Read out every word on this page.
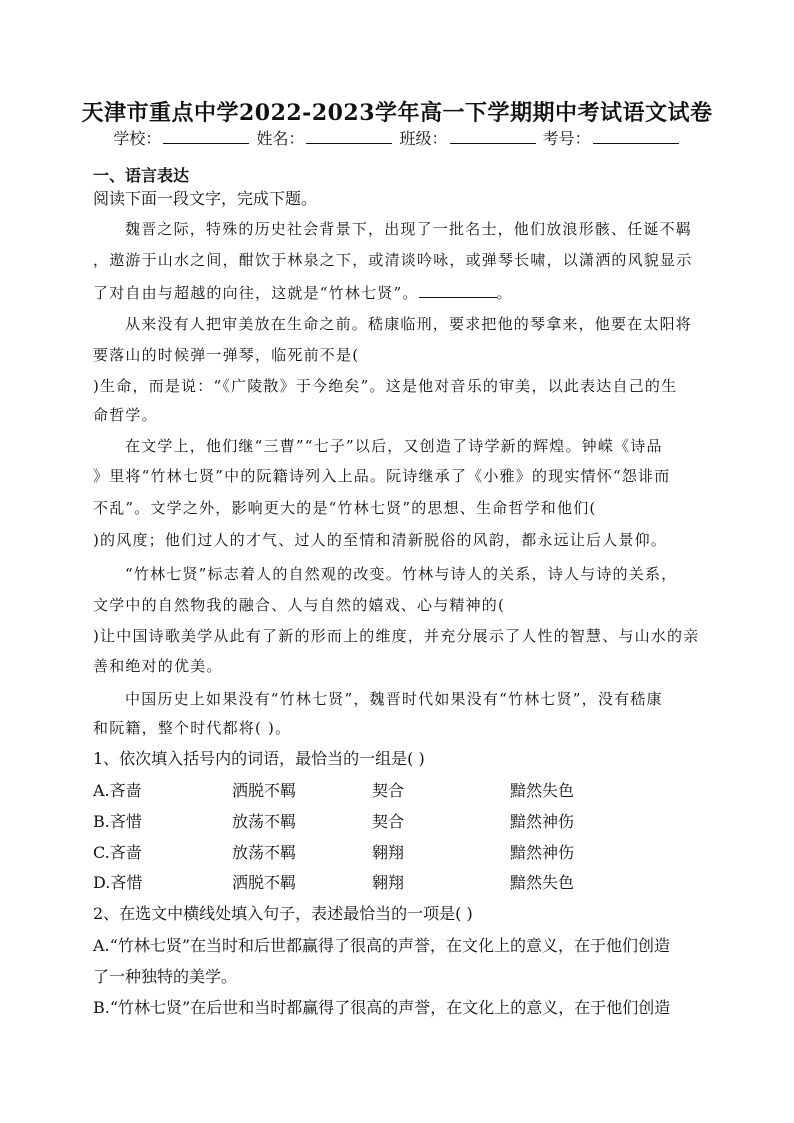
天津市重点中学2022-2023学年高一下学期期中考试语文试卷
学校：	姓名：	班级：	考号：
一、语言表达
阅读下面一段文字，完成下题。
魏晋之际，特殊的历史社会背景下，出现了一批名士，他们放浪形骸、任诞不羁
，遨游于山水之间，酣饮于林泉之下，或清谈吟咏，或弹琴长啸，以潇洒的风貌显示
了对自由与超越的向往，这就是“竹林七贤”。	。
从来没有人把审美放在生命之前。嵇康临刑，要求把他的琴拿来，他要在太阳将
要落山的时候弹一弹琴，临死前不是(
)生命，而是说：“《广陵散》于今绝矣”。这是他对音乐的审美，以此表达自己的生
命哲学。
在文学上，他们继“三曹”“七子”以后，又创造了诗学新的辉煌。钟嵘《诗品
》里将“竹林七贤”中的阮籍诗列入上品。阮诗继承了《小雅》的现实情怀“怨诽而
不乱”。文学之外，影响更大的是“竹林七贤”的思想、生命哲学和他们(
)的风度；他们过人的才气、过人的至情和清新脱俗的风韵，都永远让后人景仰。
“竹林七贤”标志着人的自然观的改变。竹林与诗人的关系，诗人与诗的关系，
文学中的自然物我的融合、人与自然的嬉戏、心与精神的(
)让中国诗歌美学从此有了新的形而上的维度，并充分展示了人性的智慧、与山水的亲
善和绝对的优美。
中国历史上如果没有“竹林七贤”，魏晋时代如果没有“竹林七贤”，没有嵇康
和阮籍，整个时代都将( )。
1、依次填入括号内的词语，最恰当的一组是( )
A.吝啬	洒脱不羁	契合	黯然失色
B.吝惜	放荡不羁	契合	黯然神伤
C.吝啬	放荡不羁	翱翔	黯然神伤
D.吝惜	洒脱不羁	翱翔	黯然失色
2、在选文中横线处填入句子，表述最恰当的一项是( )
A.“竹林七贤”在当时和后世都赢得了很高的声誉，在文化上的意义，在于他们创造
了一种独特的美学。
B.“竹林七贤”在后世和当时都赢得了很高的声誉，在文化上的意义，在于他们创造
